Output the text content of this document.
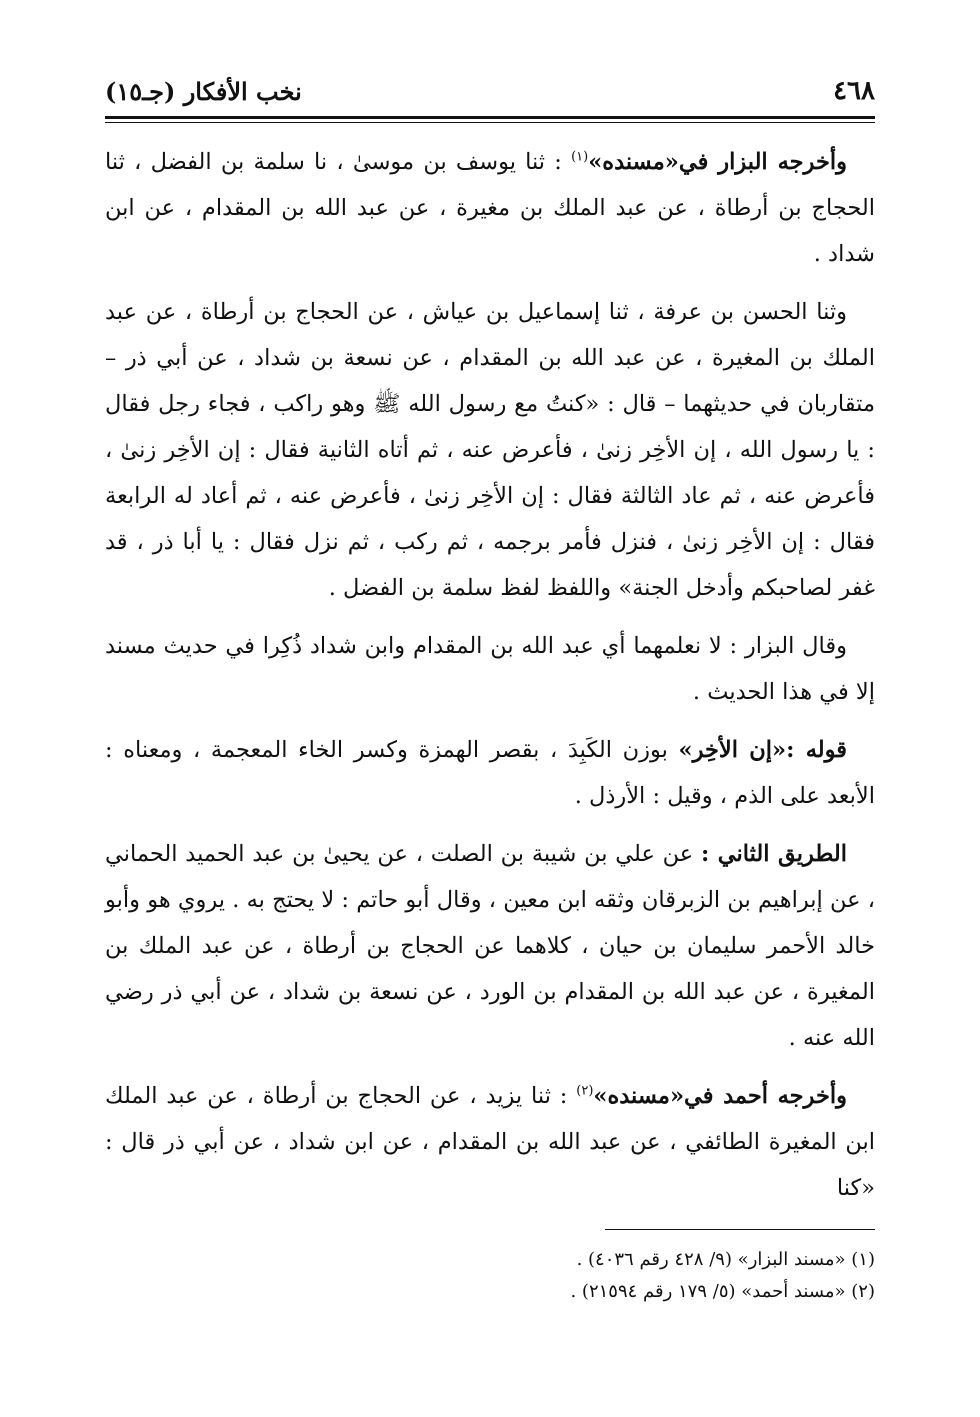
٤٦٨
نخب الأفكار (جـ١٥)

وأخرجه البزار في«مسنده»$^{(١)}$ : ثنا يوسف بن موسىٰ ، نا سلمة بن الفضل ، ثنا الحجاج بن أرطاة ، عن عبد الملك بن مغيرة ، عن عبد الله بن المقدام ، عن ابن شداد .

وثنا الحسن بن عرفة ، ثنا إسماعيل بن عياش ، عن الحجاج بن أرطاة ، عن عبد الملك بن المغيرة ، عن عبد الله بن المقدام ، عن نسعة بن شداد ، عن أبي ذر – متقاربان في حديثهما – قال : «كنتُ مع رسول الله ﷺ وهو راكب ، فجاء رجل فقال : يا رسول الله ، إن الأخِر زنىٰ ، فأعرض عنه ، ثم أتاه الثانية فقال : إن الأخِر زنىٰ ، فأعرض عنه ، ثم عاد الثالثة فقال : إن الأخِر زنىٰ ، فأعرض عنه ، ثم أعاد له الرابعة فقال : إن الأخِر زنىٰ ، فنزل فأمر برجمه ، ثم ركب ، ثم نزل فقال : يا أبا ذر ، قد غفر لصاحبكم وأدخل الجنة» واللفظ لفظ سلمة بن الفضل .

وقال البزار : لا نعلمهما أي عبد الله بن المقدام وابن شداد ذُكِرا في حديث مسند إلا في هذا الحديث .

قوله :«إن الأخِر» بوزن الكَبِدَ ، بقصر الهمزة وكسر الخاء المعجمة ، ومعناه : الأبعد على الذم ، وقيل : الأرذل .

الطريق الثاني : عن علي بن شيبة بن الصلت ، عن يحيىٰ بن عبد الحميد الحماني ، عن إبراهيم بن الزبرقان وثقه ابن معين ، وقال أبو حاتم : لا يحتج به . يروي هو وأبو خالد الأحمر سليمان بن حيان ، كلاهما عن الحجاج بن أرطاة ، عن عبد الملك بن المغيرة ، عن عبد الله بن المقدام بن الورد ، عن نسعة بن شداد ، عن أبي ذر رضي الله عنه .

وأخرجه أحمد في«مسنده»$^{(٢)}$ : ثنا يزيد ، عن الحجاج بن أرطاة ، عن عبد الملك ابن المغيرة الطائفي ، عن عبد الله بن المقدام ، عن ابن شداد ، عن أبي ذر قال : «كنا

(١) «مسند البزار» (٩/ ٤٢٨ رقم ٤٠٣٦) .

(٢) «مسند أحمد» (٥/ ١٧٩ رقم ٢١٥٩٤) .
